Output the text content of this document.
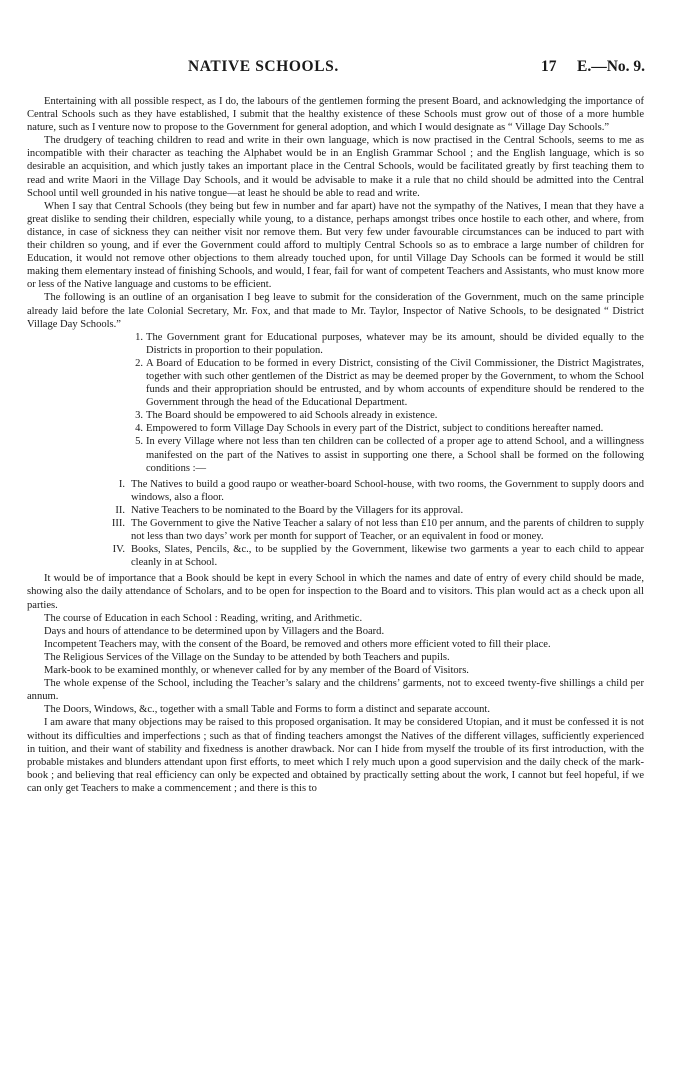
NATIVE SCHOOLS.	17 E.—No. 9.

Entertaining with all possible respect, as I do, the labours of the gentlemen forming the present Board, and acknowledging the importance of Central Schools such as they have established, I submit that the healthy existence of these Schools must grow out of those of a more humble nature, such as I venture now to propose to the Government for general adoption, and which I would designate as “ Village Day Schools.”

The drudgery of teaching children to read and write in their own language, which is now practised in the Central Schools, seems to me as incompatible with their character as teaching the Alphabet would be in an English Grammar School ; and the English language, which is so desirable an acquisition, and which justly takes an important place in the Central Schools, would be facilitated greatly by first teaching them to read and write Maori in the Village Day Schools, and it would be advisable to make it a rule that no child should be admitted into the Central School until well grounded in his native tongue—at least he should be able to read and write.

When I say that Central Schools (they being but few in number and far apart) have not the sympathy of the Natives, I mean that they have a great dislike to sending their children, especially while young, to a distance, perhaps amongst tribes once hostile to each other, and where, from distance, in case of sickness they can neither visit nor remove them. But very few under favourable circumstances can be induced to part with their children so young, and if ever the Government could afford to multiply Central Schools so as to embrace a large number of children for Education, it would not remove other objections to them already touched upon, for until Village Day Schools can be formed it would be still making them elementary instead of finishing Schools, and would, I fear, fail for want of competent Teachers and Assistants, who must know more or less of the Native language and customs to be efficient.

The following is an outline of an organisation I beg leave to submit for the consideration of the Government, much on the same principle already laid before the late Colonial Secretary, Mr. Fox, and that made to Mr. Taylor, Inspector of Native Schools, to be designated “ District Village Day Schools.”

1. The Government grant for Educational purposes, whatever may be its amount, should be divided equally to the Districts in proportion to their population.
2. A Board of Education to be formed in every District, consisting of the Civil Commissioner, the District Magistrates, together with such other gentlemen of the District as may be deemed proper by the Government, to whom the School funds and their appropriation should be entrusted, and by whom accounts of expenditure should be rendered to the Government through the head of the Educational Department.
3. The Board should be empowered to aid Schools already in existence.
4. Empowered to form Village Day Schools in every part of the District, subject to conditions hereafter named.
5. In every Village where not less than ten children can be collected of a proper age to attend School, and a willingness manifested on the part of the Natives to assist in supporting one there, a School shall be formed on the following conditions :—
I. The Natives to build a good raupo or weather-board School-house, with two rooms, the Government to supply doors and windows, also a floor.
II. Native Teachers to be nominated to the Board by the Villagers for its approval.
III. The Government to give the Native Teacher a salary of not less than £10 per annum, and the parents of children to supply not less than two days’ work per month for support of Teacher, or an equivalent in food or money.
IV. Books, Slates, Pencils, &c., to be supplied by the Government, likewise two garments a year to each child to appear cleanly in at School.

It would be of importance that a Book should be kept in every School in which the names and date of entry of every child should be made, showing also the daily attendance of Scholars, and to be open for inspection to the Board and to visitors. This plan would act as a check upon all parties.

The course of Education in each School : Reading, writing, and Arithmetic.

Days and hours of attendance to be determined upon by Villagers and the Board.

Incompetent Teachers may, with the consent of the Board, be removed and others more efficient voted to fill their place.

The Religious Services of the Village on the Sunday to be attended by both Teachers and pupils.

Mark-book to be examined monthly, or whenever called for by any member of the Board of Visitors.

The whole expense of the School, including the Teacher’s salary and the childrens’ garments, not to exceed twenty-five shillings a child per annum.

The Doors, Windows, &c., together with a small Table and Forms to form a distinct and separate account.

I am aware that many objections may be raised to this proposed organisation. It may be considered Utopian, and it must be confessed it is not without its difficulties and imperfections ; such as that of finding teachers amongst the Natives of the different villages, sufficiently experienced in tuition, and their want of stability and fixedness is another drawback. Nor can I hide from myself the trouble of its first introduction, with the probable mistakes and blunders attendant upon first efforts, to meet which I rely much upon a good supervision and the daily check of the mark-book ; and believing that real efficiency can only be expected and obtained by practically setting about the work, I cannot but feel hopeful, if we can only get Teachers to make a commencement ; and there is this to
